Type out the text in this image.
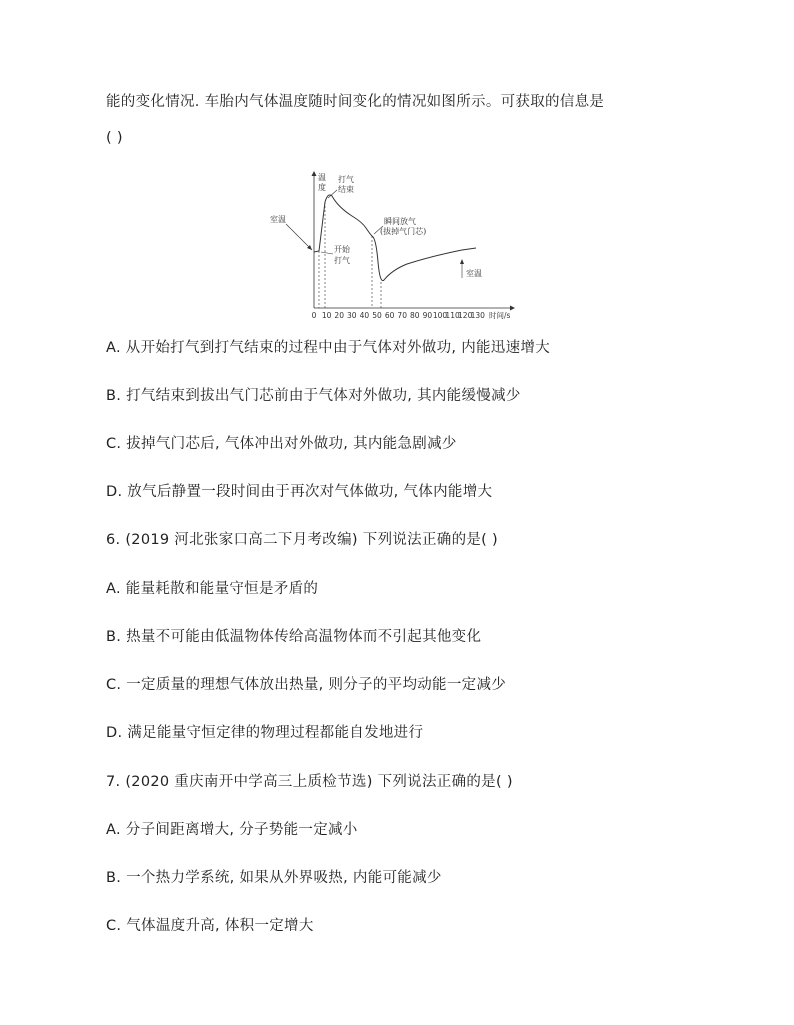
能的变化情况. 车胎内气体温度随时间变化的情况如图所示。可获取的信息是
( )
温
度
打气
结束
室温
开始
打气
瞬间放气
(拔掉气门芯)
室温
0 10 20 30 40 50 60 70 80 90 100
110
120
130 时间/s
A. 从开始打气到打气结束的过程中由于气体对外做功, 内能迅速增大
B. 打气结束到拔出气门芯前由于气体对外做功, 其内能缓慢减少
C. 拔掉气门芯后, 气体冲出对外做功, 其内能急剧减少
D. 放气后静置一段时间由于再次对气体做功, 气体内能增大
6. (2019 河北张家口高二下月考改编) 下列说法正确的是( )
A. 能量耗散和能量守恒是矛盾的
B. 热量不可能由低温物体传给高温物体而不引起其他变化
C. 一定质量的理想气体放出热量, 则分子的平均动能一定减少
D. 满足能量守恒定律的物理过程都能自发地进行
7. (2020 重庆南开中学高三上质检节选) 下列说法正确的是( )
A. 分子间距离增大, 分子势能一定减小
B. 一个热力学系统, 如果从外界吸热, 内能可能减少
C. 气体温度升高, 体积一定增大
